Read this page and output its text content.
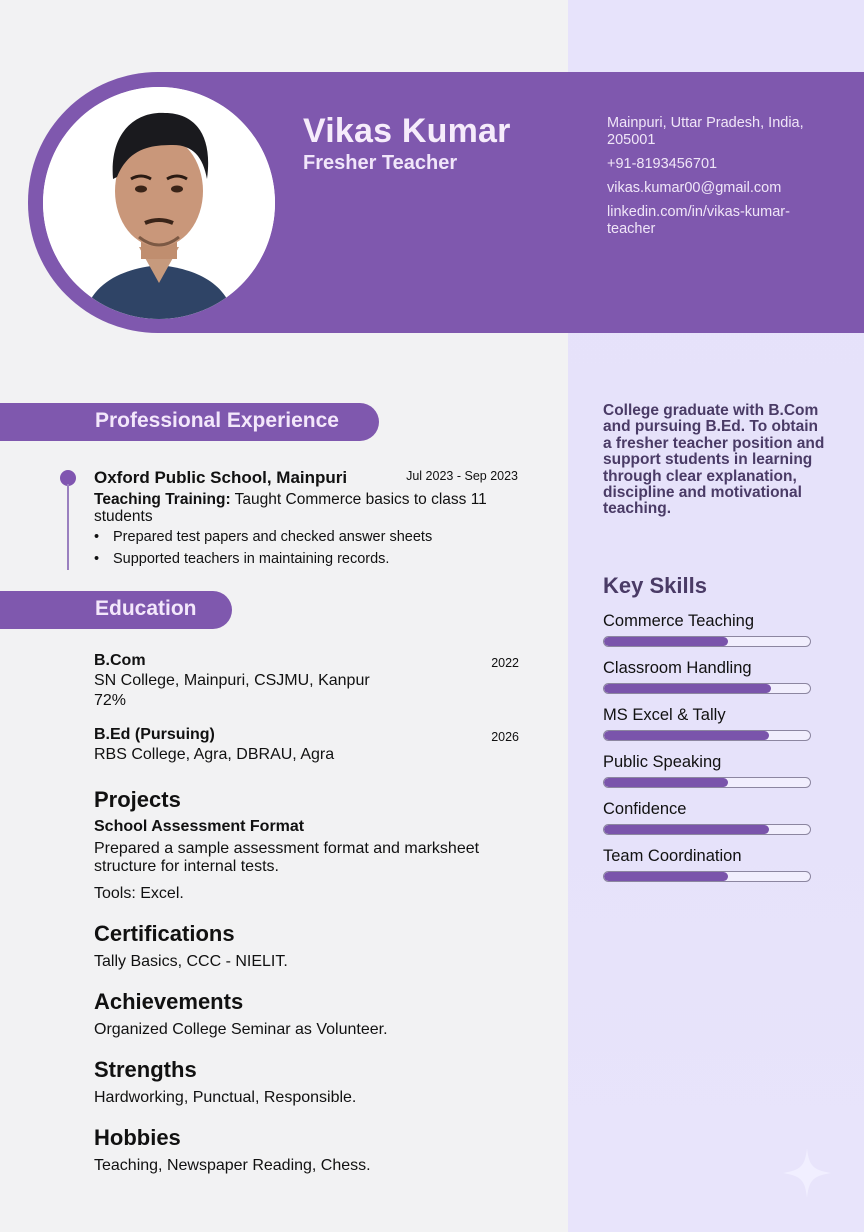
Vikas Kumar
Fresher Teacher
Mainpuri, Uttar Pradesh, India, 205001
+91-8193456701
vikas.kumar00@gmail.com
linkedin.com/in/vikas-kumar-teacher
Professional Experience
Oxford Public School, Mainpuri	Jul 2023 - Sep 2023
Teaching Training: Taught Commerce basics to class 11 students
• Prepared test papers and checked answer sheets
• Supported teachers in maintaining records.
Education
B.Com	2022
SN College, Mainpuri, CSJMU, Kanpur
72%
B.Ed (Pursuing)	2026
RBS College, Agra, DBRAU, Agra
Projects
School Assessment Format
Prepared a sample assessment format and marksheet structure for internal tests.
Tools: Excel.
Certifications
Tally Basics, CCC - NIELIT.
Achievements
Organized College Seminar as Volunteer.
Strengths
Hardworking, Punctual, Responsible.
Hobbies
Teaching, Newspaper Reading, Chess.
College graduate with B.Com and pursuing B.Ed. To obtain a fresher teacher position and support students in learning through clear explanation, discipline and motivational teaching.
Key Skills
Commerce Teaching
Classroom Handling
MS Excel & Tally
Public Speaking
Confidence
Team Coordination
